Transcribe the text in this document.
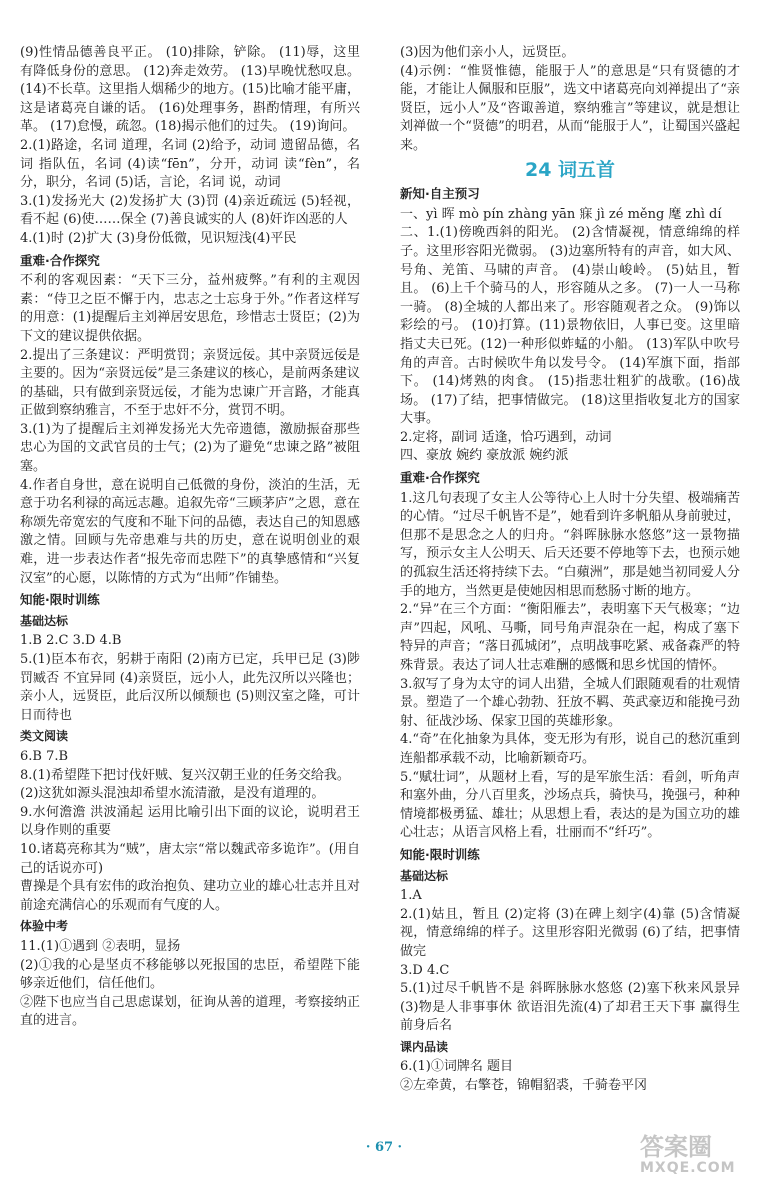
(9)性情品德善良平正。 (10)排除，铲除。 (11)辱，这里有降低身份的意思。 (12)奔走效劳。 (13)早晚忧愁叹息。 (14)不长草。这里指人烟稀少的地方。(15)比喻才能平庸，这是诸葛亮自谦的话。 (16)处理事务，斟酌情理，有所兴革。 (17)怠慢，疏忽。(18)揭示他们的过失。 (19)询问。
2.(1)路途，名词 道理，名词 (2)给予，动词 遗留品德，名词 指队伍，名词 (4)读“fēn”，分开，动词 读“fèn”，名分，职分，名词 (5)话，言论，名词 说，动词
3.(1)发扬光大 (2)发扬扩大 (3)罚 (4)亲近疏远 (5)轻视，看不起 (6)使……保全 (7)善良诚实的人 (8)奸诈凶恶的人
4.(1)时 (2)扩大 (3)身份低微，见识短浅(4)平民
重难·合作探究
不利的客观因素：“天下三分，益州疲弊。”有利的主观因素：“侍卫之臣不懈于内，忠志之士忘身于外。”作者这样写的用意：(1)提醒后主刘禅居安思危，珍惜志士贤臣；(2)为下文的建议提供依据。
2.提出了三条建议：严明赏罚；亲贤远佞。其中亲贤远佞是主要的。因为“亲贤远佞”是三条建议的核心，是前两条建议的基础，只有做到亲贤远佞，才能为忠谏广开言路，才能真正做到察纳雅言，不至于忠奸不分，赏罚不明。
3.(1)为了提醒后主刘禅发扬光大先帝遗德，激励振奋那些忠心为国的文武官员的士气；(2)为了避免“忠谏之路”被阻塞。
4.作者自身世，意在说明自己低微的身份，淡泊的生活，无意于功名利禄的高远志趣。追叙先帝“三顾茅庐”之恩，意在称颂先帝宽宏的气度和不耻下问的品德，表达自己的知恩感激之情。回顾与先帝患难与共的历史，意在说明创业的艰难，进一步表达作者“报先帝而忠陛下”的真挚感情和“兴复汉室”的心愿，以陈情的方式为“出师”作铺垫。
知能·限时训练
基础达标
1.B 2.C 3.D 4.B
5.(1)臣本布衣，躬耕于南阳 (2)南方已定，兵甲已足 (3)陟罚臧否 不宜异同 (4)亲贤臣，远小人，此先汉所以兴隆也；亲小人，远贤臣，此后汉所以倾颓也 (5)则汉室之隆，可计日而待也
类文阅读
6.B 7.B
8.(1)希望陛下把讨伐奸贼、复兴汉朝王业的任务交给我。
(2)这犹如源头混浊却希望水流清澈，是没有道理的。
9.水何澹澹 洪波涌起 运用比喻引出下面的议论，说明君王以身作则的重要
10.诸葛亮称其为“贼”，唐太宗“常以魏武帝多诡诈”。(用自己的话说亦可)
曹操是个具有宏伟的政治抱负、建功立业的雄心壮志并且对前途充满信心的乐观而有气度的人。
体验中考
11.(1)①遇到 ②表明，显扬
(2)①我的心是坚贞不移能够以死报国的忠臣，希望陛下能够亲近他们，信任他们。
②陛下也应当自己思虑谋划，征询从善的道理，考察接纳正直的进言。
(3)因为他们亲小人，远贤臣。
(4)示例：“惟贤惟德，能服于人”的意思是“只有贤德的才能，才能让人佩服和臣服”，选文中诸葛亮向刘禅提出了“亲贤臣，远小人”及“咨诹善道，察纳雅言”等建议，就是想让刘禅做一个“贤德”的明君，从而“能服于人”，让蜀国兴盛起来。
24 词五首
新知·自主预习
一、yì 晖 mò pín zhàng yān 寐 jì zé měng 麾 zhì dí
二、1.(1)傍晚西斜的阳光。 (2)含情凝视，情意绵绵的样子。这里形容阳光微弱。 (3)边塞所特有的声音，如大风、号角、羌笛、马啸的声音。 (4)崇山峻岭。 (5)姑且，暂且。 (6)上千个骑马的人，形容随从之多。 (7)一人一马称一骑。 (8)全城的人都出来了。形容随观者之众。 (9)饰以彩绘的弓。 (10)打算。(11)景物依旧，人事已变。这里暗指丈夫已死。(12)一种形似蚱蜢的小船。 (13)军队中吹号角的声音。古时候吹牛角以发号令。 (14)军旗下面，指部下。 (14)烤熟的肉食。 (15)指悲壮粗犷的战歌。(16)战场。 (17)了结，把事情做完。 (18)这里指收复北方的国家大事。
2.定将，副词 适逢，恰巧遇到，动词
四、豪放 婉约 豪放派 婉约派
重难·合作探究
1.这几句表现了女主人公等待心上人时十分失望、极端痛苦的心情。“过尽千帆皆不是”，她看到许多帆船从身前驶过，但那不是思念之人的归舟。“斜晖脉脉水悠悠”这一景物描写，预示女主人公明天、后天还要不停地等下去，也预示她的孤寂生活还将持续下去。“白蘋洲”，那是她当初同爱人分手的地方，当然更是使她因相思而愁肠寸断的地方。
2.“异”在三个方面：“衡阳雁去”，表明塞下天气极寒；“边声”四起，风吼、马嘶，同号角声混杂在一起，构成了塞下特异的声音；“落日孤城闭”，点明战事吃紧、戒备森严的特殊背景。表达了词人壮志难酬的感慨和思乡忧国的情怀。
3.叙写了身为太守的词人出猎，全城人们跟随观看的壮观情景。塑造了一个雄心勃勃、狂放不羁、英武豪迈和能挽弓劲射、征战沙场、保家卫国的英雄形象。
4.“奇”在化抽象为具体，变无形为有形，说自己的愁沉重到连船都承载不动，比喻新颖奇巧。
5.“赋壮词”，从题材上看，写的是军旅生活：看剑，听角声和塞外曲，分八百里炙，沙场点兵，骑快马，挽强弓，种种情境都极勇猛、雄壮；从思想上看，表达的是为国立功的雄心壮志；从语言风格上看，壮丽而不“纤巧”。
知能·限时训练
基础达标
1.A
2.(1)姑且，暂且 (2)定将 (3)在碑上刻字(4)靠 (5)含情凝视，情意绵绵的样子。这里形容阳光微弱 (6)了结，把事情做完
3.D 4.C
5.(1)过尽千帆皆不是 斜晖脉脉水悠悠 (2)塞下秋来风景异 (3)物是人非事事休 欲语泪先流(4)了却君王天下事 赢得生前身后名
课内品读
6.(1)①词牌名 题目
②左牵黄，右擎苍，锦帽貂裘，千骑卷平冈
· 67 ·	答案圈
MXQE.COM
